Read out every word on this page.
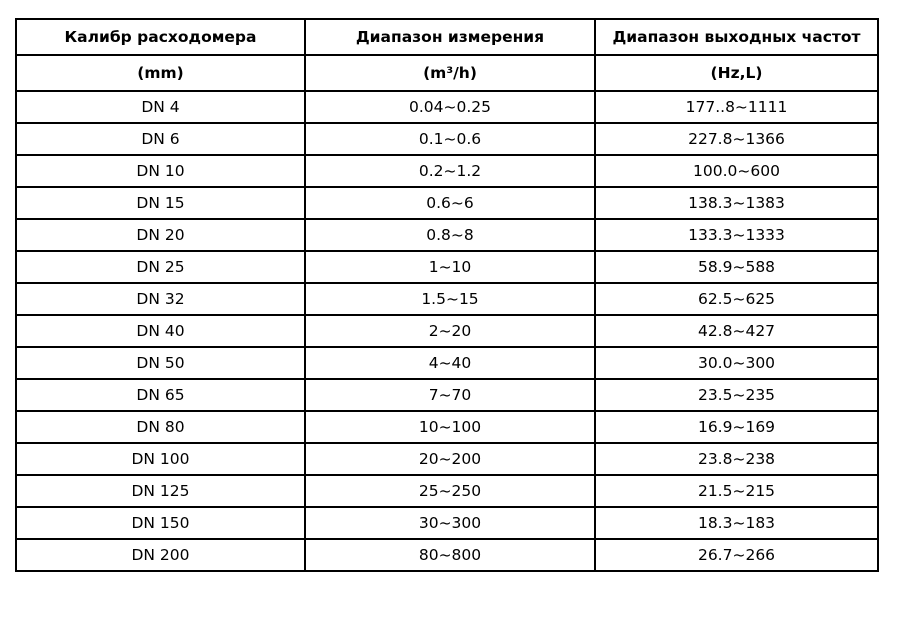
Калибр расходомера	Диапазон измерения	Диапазон выходных частот
(mm)	(m³/h)	(Hz,L)
DN 4	0.04~0.25	177..8~1111
DN 6	0.1~0.6	227.8~1366
DN 10	0.2~1.2	100.0~600
DN 15	0.6~6	138.3~1383
DN 20	0.8~8	133.3~1333
DN 25	1~10	58.9~588
DN 32	1.5~15	62.5~625
DN 40	2~20	42.8~427
DN 50	4~40	30.0~300
DN 65	7~70	23.5~235
DN 80	10~100	16.9~169
DN 100	20~200	23.8~238
DN 125	25~250	21.5~215
DN 150	30~300	18.3~183
DN 200	80~800	26.7~266
